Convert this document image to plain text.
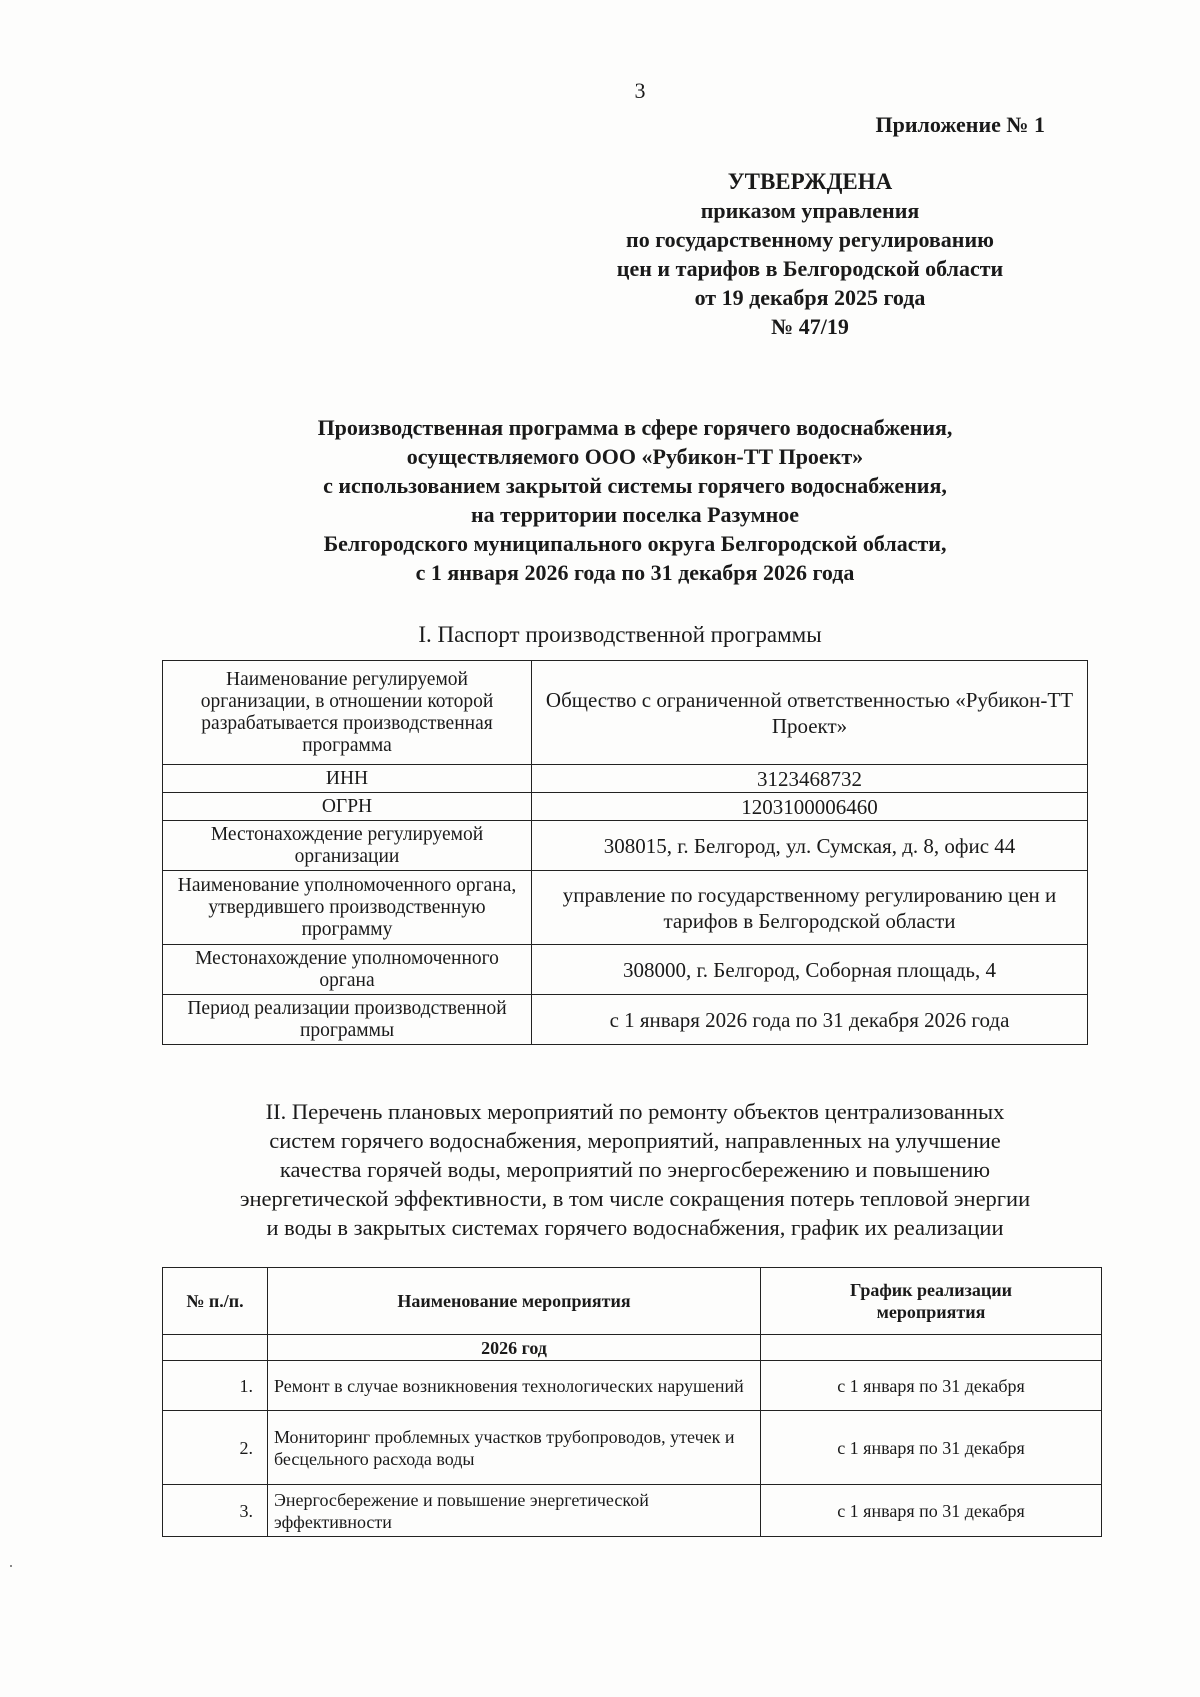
3
Приложение № 1
УТВЕРЖДЕНА
приказом управления
по государственному регулированию
цен и тарифов в Белгородской области
от 19 декабря 2025 года
№ 47/19
Производственная программа в сфере горячего водоснабжения,
осуществляемого ООО «Рубикон-ТТ Проект»
с использованием закрытой системы горячего водоснабжения,
на территории поселка Разумное
Белгородского муниципального округа Белгородской области,
с 1 января 2026 года по 31 декабря 2026 года
I. Паспорт производственной программы
Наименование регулируемой организации, в отношении которой разрабатывается производственная программа	Общество с ограниченной ответственностью «Рубикон-ТТ Проект»
ИНН	3123468732
ОГРН	1203100006460
Местонахождение регулируемой организации	308015, г. Белгород, ул. Сумская, д. 8, офис 44
Наименование уполномоченного органа, утвердившего производственную программу	управление по государственному регулированию цен и тарифов в Белгородской области
Местонахождение уполномоченного органа	308000, г. Белгород, Соборная площадь, 4
Период реализации производственной программы	с 1 января 2026 года по 31 декабря 2026 года
II. Перечень плановых мероприятий по ремонту объектов централизованных
систем горячего водоснабжения, мероприятий, направленных на улучшение
качества горячей воды, мероприятий по энергосбережению и повышению
энергетической эффективности, в том числе сокращения потерь тепловой энергии
и воды в закрытых системах горячего водоснабжения, график их реализации
№ п./п.	Наименование мероприятия	График реализации мероприятия

	2026 год	
1.	Ремонт в случае возникновения технологических нарушений	с 1 января по 31 декабря
2.	Мониторинг проблемных участков трубопроводов, утечек и бесцельного расхода воды	с 1 января по 31 декабря
3.	Энергосбережение и повышение энергетической эффективности	с 1 января по 31 декабря
